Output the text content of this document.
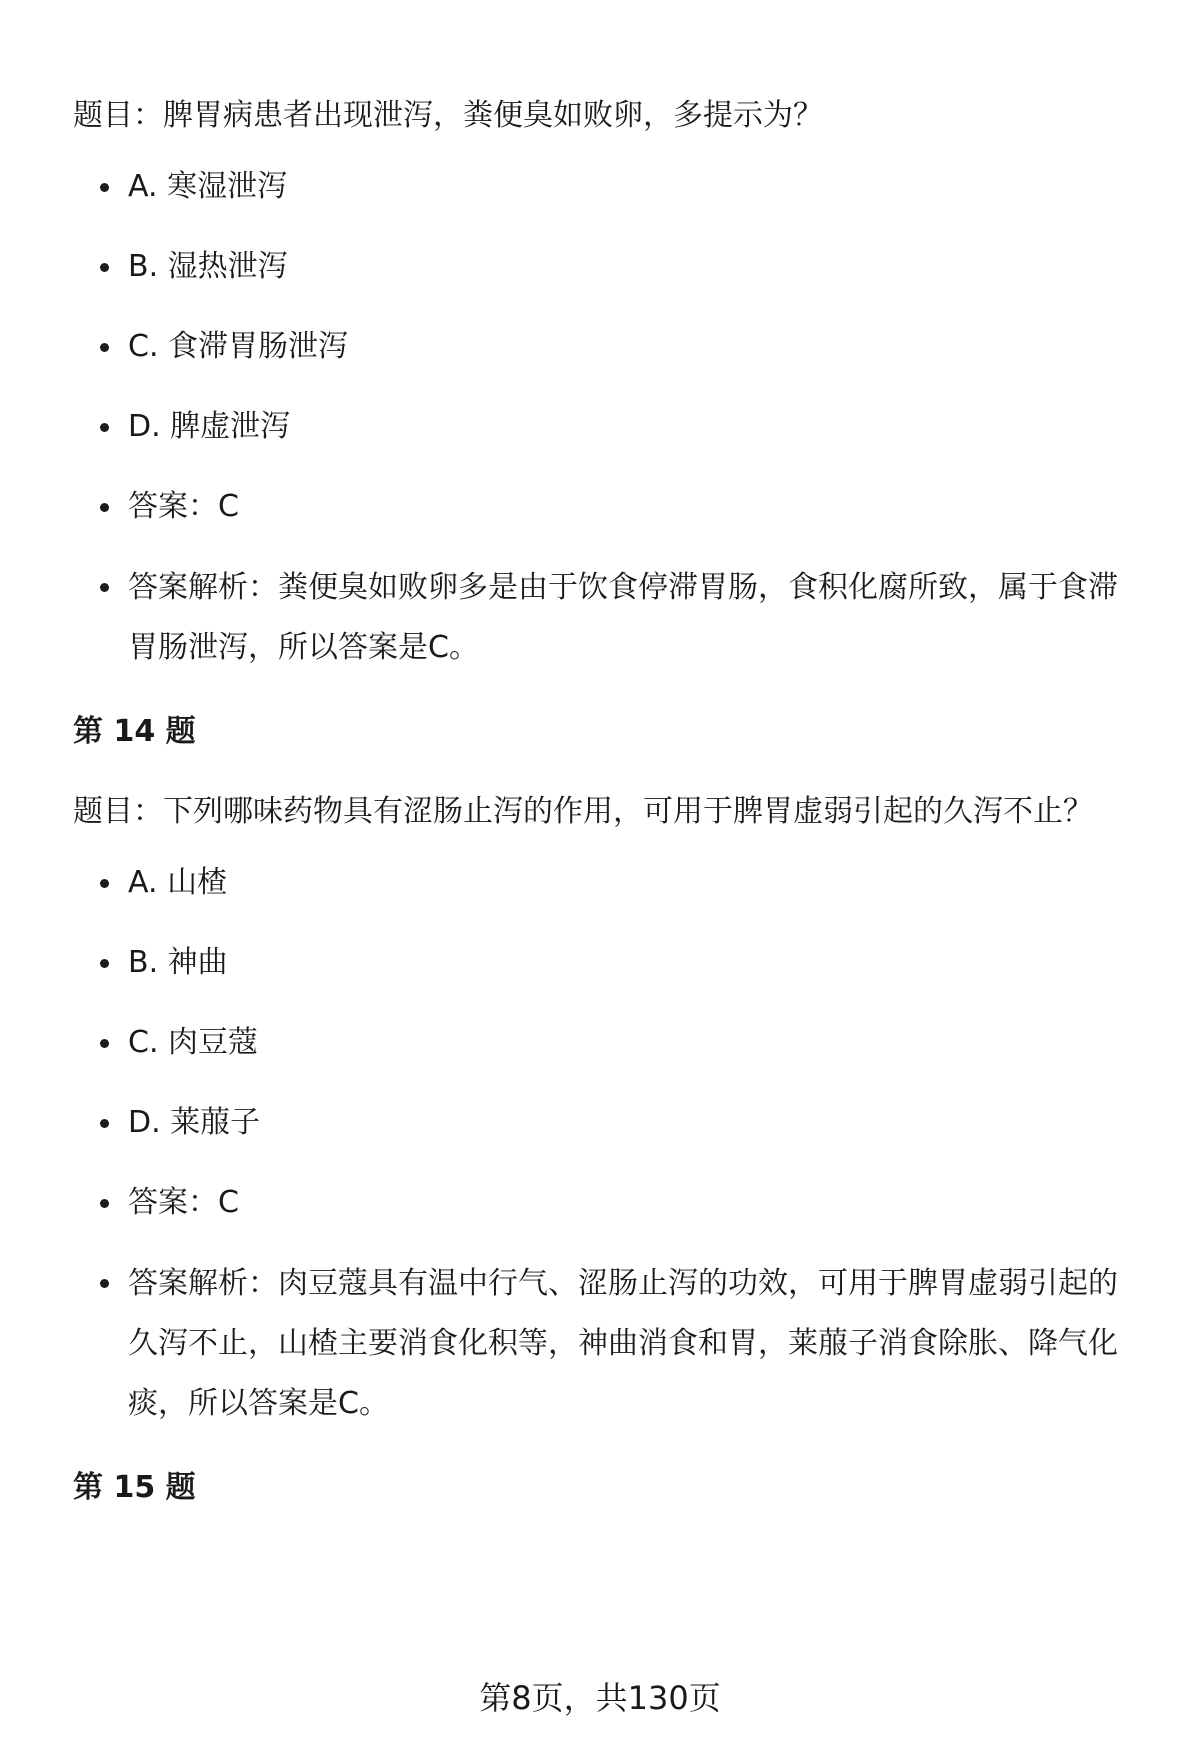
题目：脾胃病患者出现泄泻，粪便臭如败卵，多提示为？

A. 寒湿泄泻
B. 湿热泄泻
C. 食滞胃肠泄泻
D. 脾虚泄泻
答案：C
答案解析：粪便臭如败卵多是由于饮食停滞胃肠，食积化腐所致，属于食滞胃肠泄泻，所以答案是C。

第 14 题

题目：下列哪味药物具有涩肠止泻的作用，可用于脾胃虚弱引起的久泻不止？

A. 山楂
B. 神曲
C. 肉豆蔻
D. 莱菔子
答案：C
答案解析：肉豆蔻具有温中行气、涩肠止泻的功效，可用于脾胃虚弱引起的久泻不止，山楂主要消食化积等，神曲消食和胃，莱菔子消食除胀、降气化痰，所以答案是C。

第 15 题

第8页，共130页
